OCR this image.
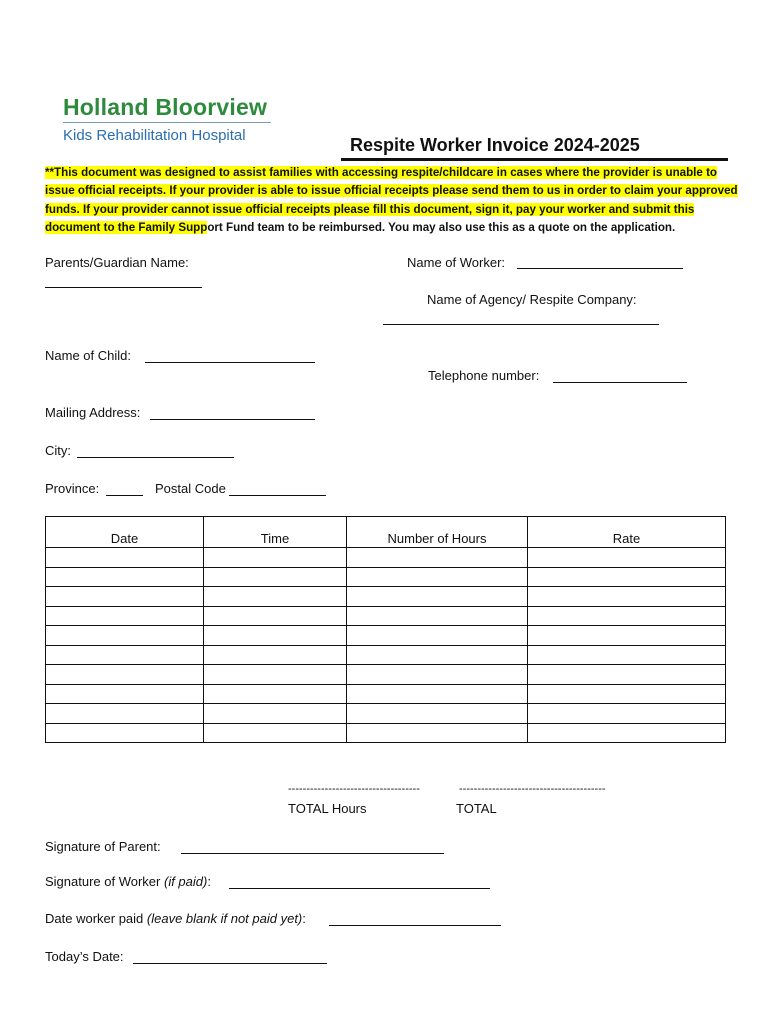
Holland Bloorview
Kids Rehabilitation Hospital	Respite Worker Invoice 2024-2025
**This document was designed to assist families with accessing respite/childcare in cases where the provider is unable to issue official receipts. If your provider is able to issue official receipts please send them to us in order to claim your approved funds. If your provider cannot issue official receipts please fill this document, sign it, pay your worker and submit this document to the Family Support Fund team to be reimbursed. You may also use this as a quote on the application.
Parents/Guardian Name:	Name of Worker:
Name of Agency/ Respite Company:
Name of Child:
Telephone number:
Mailing Address:
City:
Province:	Postal Code
Date	Time	Number of Hours	Rate

------------------------------------	----------------------------------------
TOTAL Hours	TOTAL
Signature of Parent:
Signature of Worker (if paid):
Date worker paid (leave blank if not paid yet):
Today’s Date:
